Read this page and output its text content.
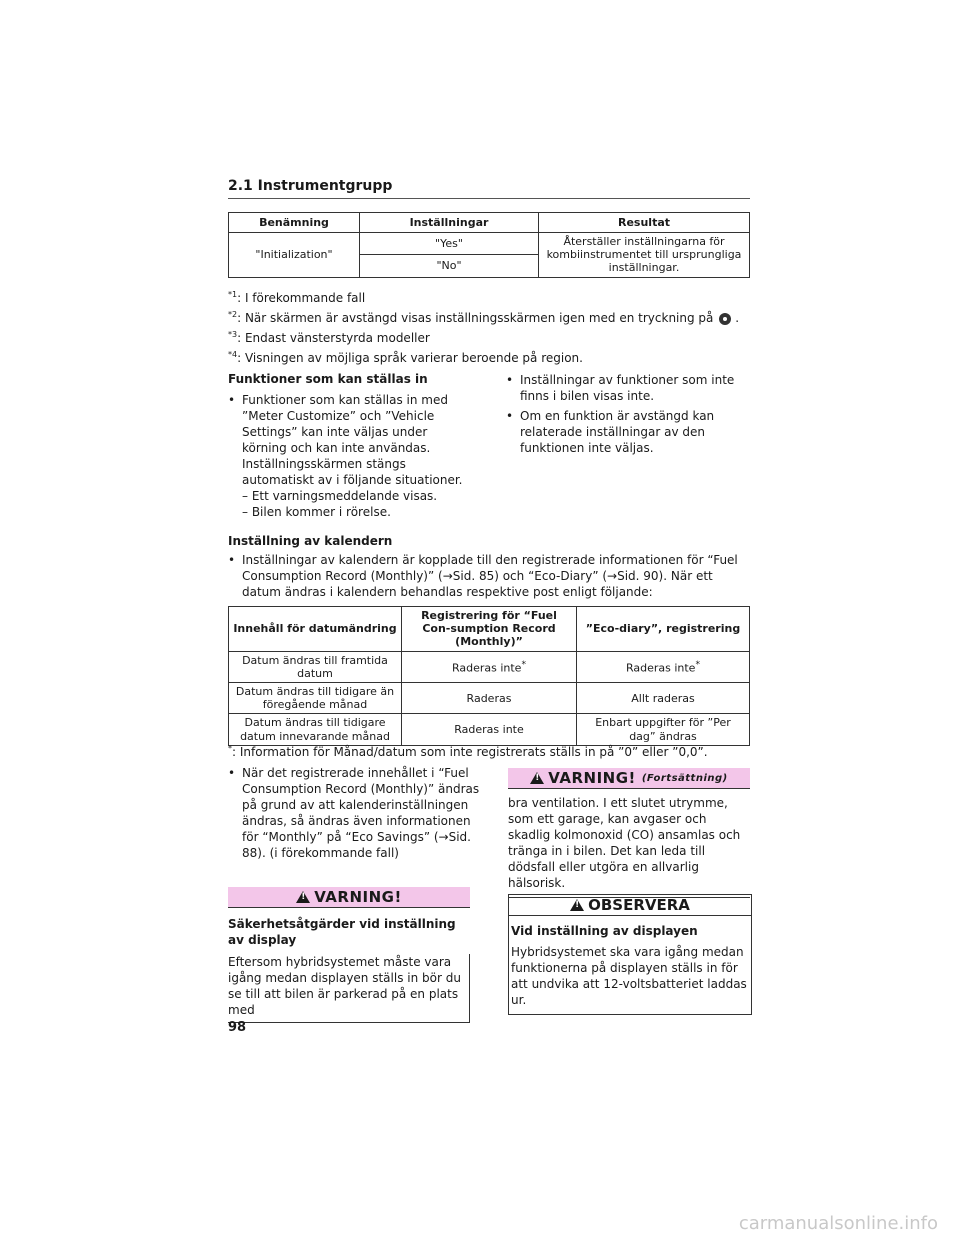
2.1 Instrumentgrupp
Benämning	Inställningar	Resultat
"Initialization"	"Yes"	Återställer inställningarna för kombiinstrumentet till ursprungliga inställningar.
	"No"	
$^{*1}$: I förekommande fall
$^{*2}$: När skärmen är avstängd visas inställningsskärmen igen med en tryckning på .
$^{*3}$: Endast vänsterstyrda modeller
$^{*4}$: Visningen av möjliga språk varierar beroende på region.
Funktioner som kan ställas in
• Funktioner som kan ställas in med ”Meter Customize” och ”Vehicle Settings” kan inte väljas under körning och kan inte användas. Inställningsskärmen stängs automatiskt av i följande situationer.
– Ett varningsmeddelande visas.
– Bilen kommer i rörelse.
• Inställningar av funktioner som inte finns i bilen visas inte.
• Om en funktion är avstängd kan relaterade inställningar av den funktionen inte väljas.
Inställning av kalendern
• Inställningar av kalendern är kopplade till den registrerade informationen för “Fuel Consumption Record (Monthly)” (→Sid. 85) och “Eco-Diary” (→Sid. 90). När ett datum ändras i kalendern behandlas respektive post enligt följande:
Innehåll för datumändring	Registrering för “Fuel Con-sumption Record (Monthly)”	”Eco-diary”, registrering
Datum ändras till framtida datum	Raderas inte*	Raderas inte*
Datum ändras till tidigare än föregående månad	Raderas	Allt raderas
Datum ändras till tidigare datum innevarande månad	Raderas inte	Enbart uppgifter för ”Per dag” ändras
*: Information för Månad/datum som inte registrerats ställs in på ”0” eller ”0,0”.
• När det registrerade innehållet i “Fuel Consumption Record (Monthly)” ändras på grund av att kalenderinställningen ändras, så ändras även informationen för “Monthly” på “Eco Savings” (→Sid. 88). (i förekommande fall)
!
VARNING!
Säkerhetsåtgärder vid inställning av display
Eftersom hybridsystemet måste vara igång medan displayen ställs in bör du se till att bilen är parkerad på en plats med
!
VARNING! (Fortsättning)
bra ventilation. I ett slutet utrymme, som ett garage, kan avgaser och skadlig kolmonoxid (CO) ansamlas och tränga in i bilen. Det kan leda till dödsfall eller utgöra en allvarlig hälsorisk.
!
OBSERVERA
Vid inställning av displayen
Hybridsystemet ska vara igång medan funktionerna på displayen ställs in för att undvika att 12-voltsbatteriet laddas ur.
98
carmanualsonline.info
